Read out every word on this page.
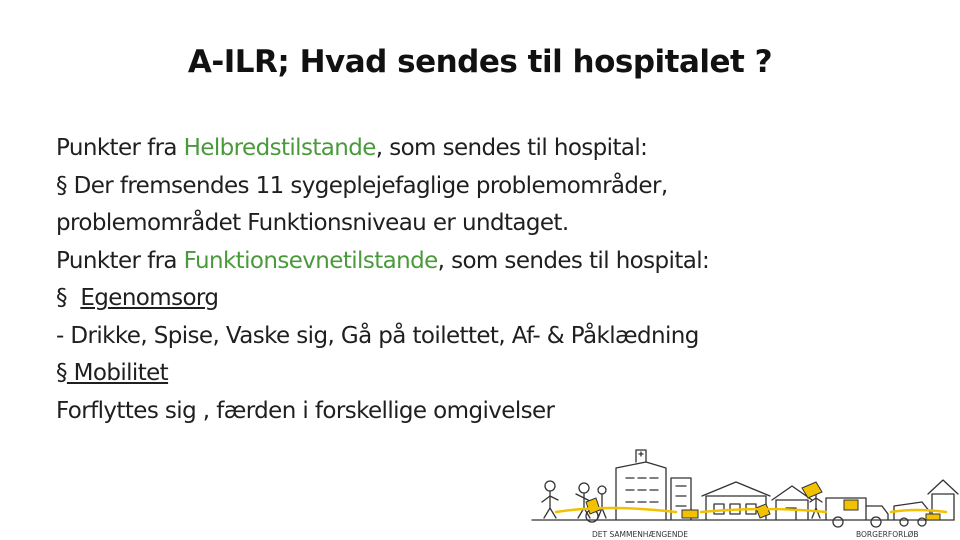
A-ILR; Hvad sendes til hospitalet ?
Punkter fra Helbredstilstande, som sendes til hospital:
§ Der fremsendes 11 sygeplejefaglige problemområder,
problemområdet Funktionsniveau er undtaget.
Punkter fra Funktionsevnetilstande, som sendes til hospital:
§  Egenomsorg
- Drikke, Spise, Vaske sig, Gå på toilettet, Af- & Påklædning
§ Mobilitet
Forflyttes sig , færden i forskellige omgivelser
DET SAMMENHÆNGENDE	BORGERFORLØB
